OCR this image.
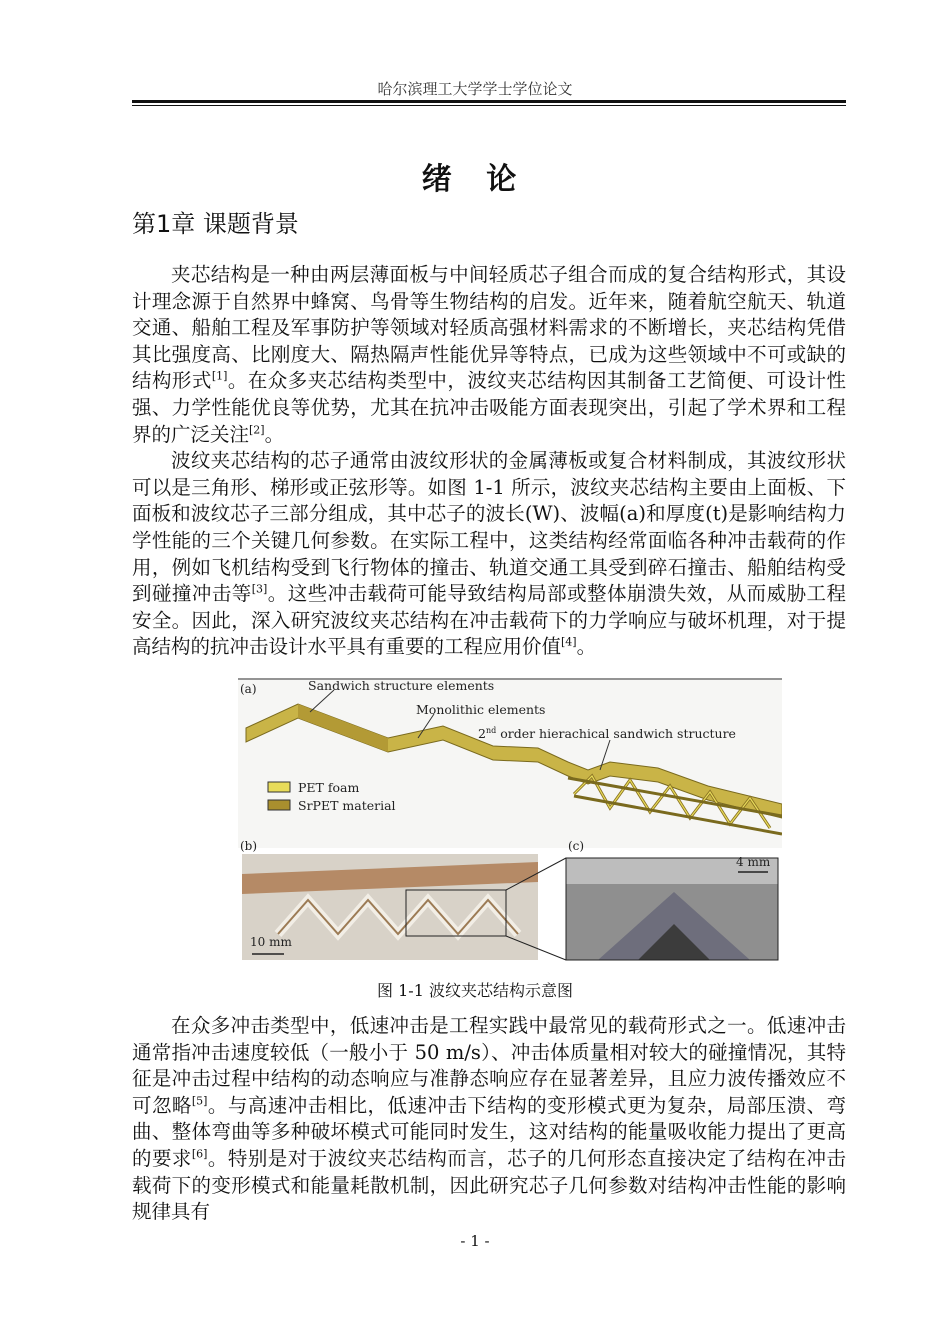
哈尔滨理工大学学士学位论文
绪 论
第1章 课题背景

夹芯结构是一种由两层薄面板与中间轻质芯子组合而成的复合结构形式，其设计理念源于自然界中蜂窝、鸟骨等生物结构的启发。近年来，随着航空航天、轨道交通、船舶工程及军事防护等领域对轻质高强材料需求的不断增长，夹芯结构凭借其比强度高、比刚度大、隔热隔声性能优异等特点，已成为这些领域中不可或缺的结构形式[1]。在众多夹芯结构类型中，波纹夹芯结构因其制备工艺简便、可设计性强、力学性能优良等优势，尤其在抗冲击吸能方面表现突出，引起了学术界和工程界的广泛关注[2]。

波纹夹芯结构的芯子通常由波纹形状的金属薄板或复合材料制成，其波纹形状可以是三角形、梯形或正弦形等。如图 1-1 所示，波纹夹芯结构主要由上面板、下面板和波纹芯子三部分组成，其中芯子的波长(W)、波幅(a)和厚度(t)是影响结构力学性能的三个关键几何参数。在实际工程中，这类结构经常面临各种冲击载荷的作用，例如飞机结构受到飞行物体的撞击、轨道交通工具受到碎石撞击、船舶结构受到碰撞冲击等[3]。这些冲击载荷可能导致结构局部或整体崩溃失效，从而威胁工程安全。因此，深入研究波纹夹芯结构在冲击载荷下的力学响应与破坏机理，对于提高结构的抗冲击设计水平具有重要的工程应用价值[4]。

(a)	Sandwich structure elements
Monolithic elements
2nd order hierachical sandwich structure
PET foam
SrPET material
(b)
10 mm
(c)
4 mm
图 1-1 波纹夹芯结构示意图

在众多冲击类型中，低速冲击是工程实践中最常见的载荷形式之一。低速冲击通常指冲击速度较低（一般小于 50 m/s）、冲击体质量相对较大的碰撞情况，其特征是冲击过程中结构的动态响应与准静态响应存在显著差异，且应力波传播效应不可忽略[5]。与高速冲击相比，低速冲击下结构的变形模式更为复杂，局部压溃、弯曲、整体弯曲等多种破坏模式可能同时发生，这对结构的能量吸收能力提出了更高的要求[6]。特别是对于波纹夹芯结构而言，芯子的几何形态直接决定了结构在冲击载荷下的变形模式和能量耗散机制，因此研究芯子几何参数对结构冲击性能的影响规律具有

- 1 -
